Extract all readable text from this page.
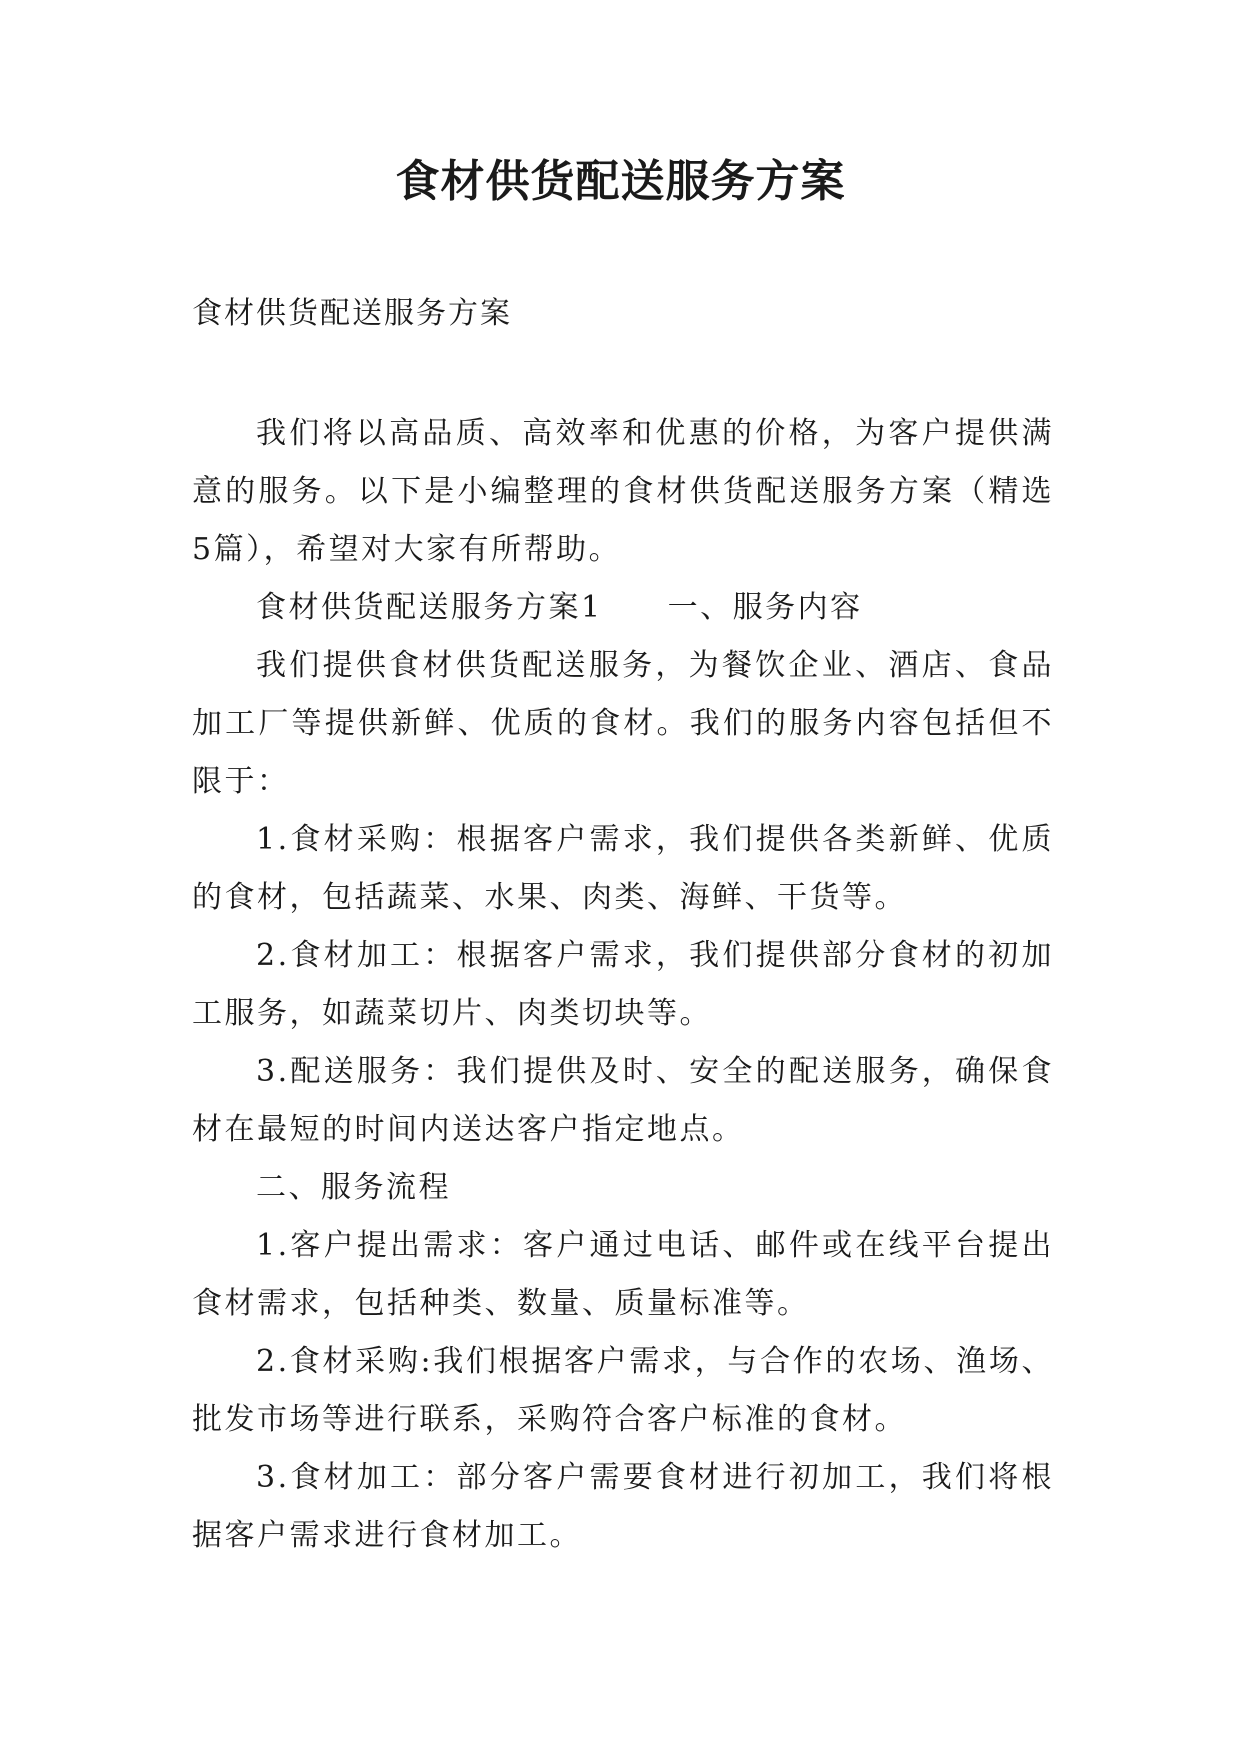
食材供货配送服务方案

食材供货配送服务方案

我们将以高品质、高效率和优惠的价格，为客户提供满意的服务。以下是小编整理的食材供货配送服务方案（精选5篇），希望对大家有所帮助。

食材供货配送服务方案1　　一、服务内容

我们提供食材供货配送服务，为餐饮企业、酒店、食品加工厂等提供新鲜、优质的食材。我们的服务内容包括但不限于：

1.食材采购：根据客户需求，我们提供各类新鲜、优质的食材，包括蔬菜、水果、肉类、海鲜、干货等。

2.食材加工：根据客户需求，我们提供部分食材的初加工服务，如蔬菜切片、肉类切块等。

3.配送服务：我们提供及时、安全的配送服务，确保食材在最短的时间内送达客户指定地点。

二、服务流程

1.客户提出需求：客户通过电话、邮件或在线平台提出食材需求，包括种类、数量、质量标准等。

2.食材采购:我们根据客户需求，与合作的农场、渔场、批发市场等进行联系，采购符合客户标准的食材。

3.食材加工：部分客户需要食材进行初加工，我们将根据客户需求进行食材加工。
